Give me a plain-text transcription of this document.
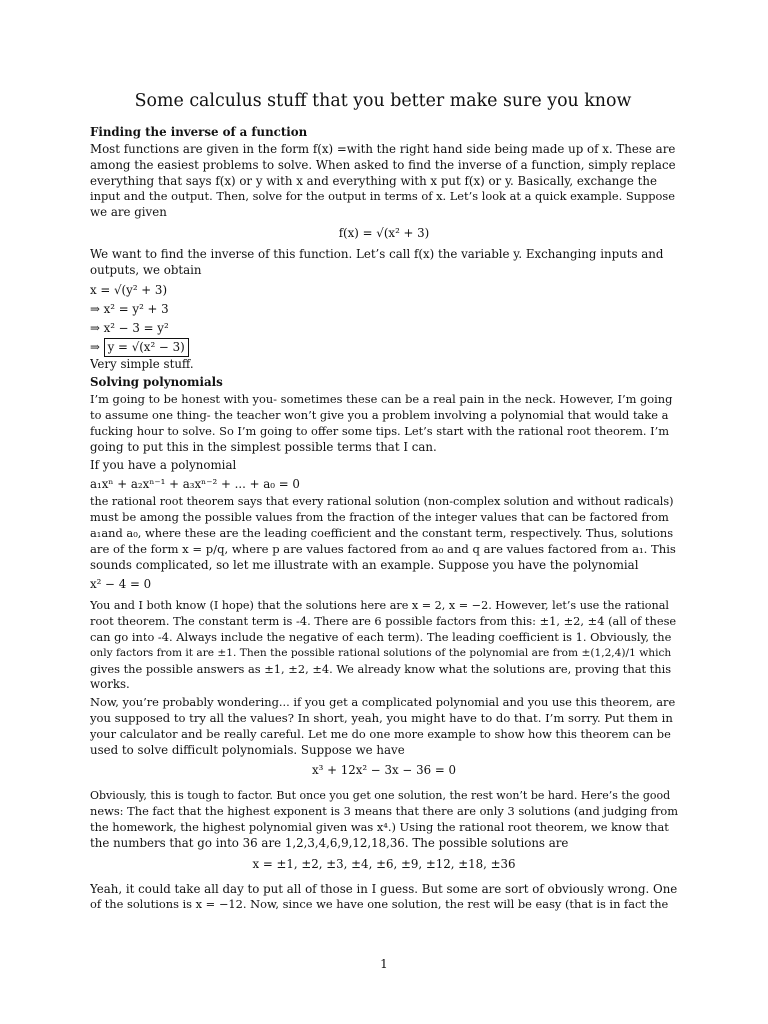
Some calculus stuff that you better make sure you know
Finding the inverse of a function
Most functions are given in the form f(x) =with the right hand side being made up of x. These are
among the easiest problems to solve. When asked to find the inverse of a function, simply replace
everything that says f(x) or y with x and everything with x put f(x) or y. Basically, exchange the
input and the output. Then, solve for the output in terms of x. Let’s look at a quick example. Suppose
we are given
f(x) = √(x² + 3)
We want to find the inverse of this function. Let’s call f(x) the variable y. Exchanging inputs and
outputs, we obtain
x = √(y² + 3)
⇒ x² = y² + 3
⇒ x² − 3 = y²
⇒ y = √(x² − 3)
Very simple stuff.
Solving polynomials
I’m going to be honest with you- sometimes these can be a real pain in the neck. However, I’m going
to assume one thing- the teacher won’t give you a problem involving a polynomial that would take a
fucking hour to solve. So I’m going to offer some tips. Let’s start with the rational root theorem. I’m
going to put this in the simplest possible terms that I can.
If you have a polynomial
a₁xⁿ + a₂xⁿ⁻¹ + a₃xⁿ⁻² + ... + a₀ = 0
the rational root theorem says that every rational solution (non-complex solution and without radicals)
must be among the possible values from the fraction of the integer values that can be factored from
a₁and a₀, where these are the leading coefficient and the constant term, respectively. Thus, solutions
are of the form x = p/q, where p are values factored from a₀ and q are values factored from a₁. This
sounds complicated, so let me illustrate with an example. Suppose you have the polynomial
x² − 4 = 0
You and I both know (I hope) that the solutions here are x = 2, x = −2. However, let’s use the rational
root theorem. The constant term is -4. There are 6 possible factors from this: ±1, ±2, ±4 (all of these
can go into -4. Always include the negative of each term). The leading coefficient is 1. Obviously, the
only factors from it are ±1. Then the possible rational solutions of the polynomial are from ±(1,2,4)/1 which
gives the possible answers as ±1, ±2, ±4. We already know what the solutions are, proving that this
works.
Now, you’re probably wondering... if you get a complicated polynomial and you use this theorem, are
you supposed to try all the values? In short, yeah, you might have to do that. I’m sorry. Put them in
your calculator and be really careful. Let me do one more example to show how this theorem can be
used to solve difficult polynomials. Suppose we have
x³ + 12x² − 3x − 36 = 0
Obviously, this is tough to factor. But once you get one solution, the rest won’t be hard. Here’s the good
news: The fact that the highest exponent is 3 means that there are only 3 solutions (and judging from
the homework, the highest polynomial given was x⁴.) Using the rational root theorem, we know that
the numbers that go into 36 are 1,2,3,4,6,9,12,18,36. The possible solutions are
x = ±1, ±2, ±3, ±4, ±6, ±9, ±12, ±18, ±36
Yeah, it could take all day to put all of those in I guess. But some are sort of obviously wrong. One
of the solutions is x = −12. Now, since we have one solution, the rest will be easy (that is in fact the
1
